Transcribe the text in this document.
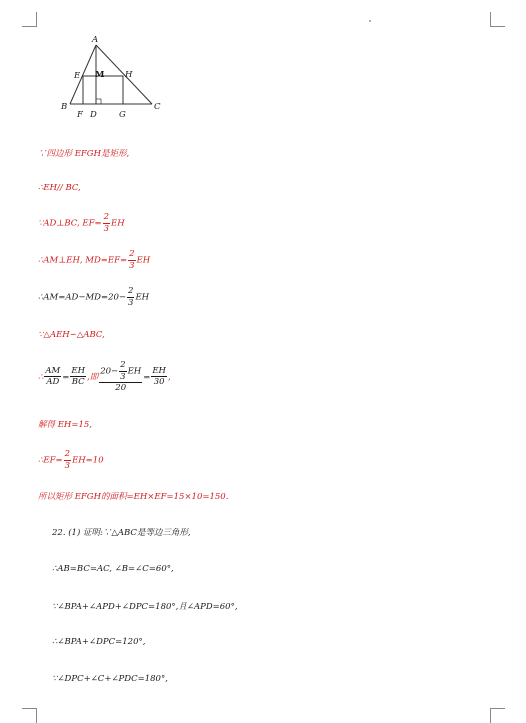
A
E M H
B
F D	G
C
∵四边形 EFGH是矩形,
∴EH// BC,
∵AD⊥BC, $EF= \frac{2}{3}$ EH
∴AM⊥EH, $MD=EF= \frac{2}{3}$ EH
∴AM=AD−MD=20− $\frac{2}{3}$ EH
∵△AEH∽△ABC,
∴ $\frac{AM}{AD} = \frac{EH}{BC}$ ,即 $\frac{20- \frac{2}{3} EH}{20} = \frac{EH}{30}$ ,
解得 EH=15,
∴EF= $\frac{2}{3} EH=10$
所以矩形 EFGH的面积=EH×EF=15×10=150.
22. (1) 证明:∵△ABC是等边三角形,
∴AB=BC=AC, ∠B=∠C=60°,
∵∠BPA+∠APD+∠DPC=180°,且∠APD=60°,
∴∠BPA+∠DPC=120°,
∵∠DPC+∠C+∠PDC=180°,
